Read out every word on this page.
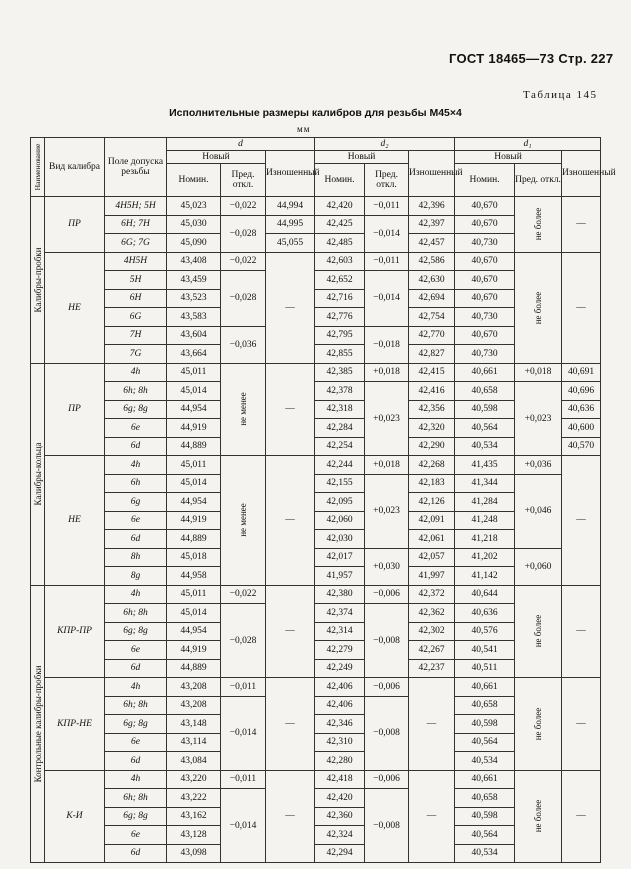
ГОСТ 18465—73 Стр. 227
Таблица 145
Исполнительные размеры калибров для резьбы М45×4
мм
Наименование	Вид калибра	Поле допуска резьбы	d			d₂			d₁		
			Новый		Изношенный	Новый		Изношенный	Новый		Изношенный
			Номин.	Пред. откл.		Номин.	Пред. откл.		Номин.	Пред. откл.	

Калибры-пробки	ПР	4H5H; 5H	45,023	−0,022	44,994	42,420	−0,011	42,396	40,670	не более	—
		6H; 7H	45,030	−0,028	44,995	42,425	−0,014	42,397	40,670		
		6G; 7G	45,090		45,055	42,485		42,457	40,730		
	НЕ	4H5H	43,408	−0,022	—	42,603	−0,011	42,586	40,670	не более	—
		5H	43,459	−0,028		42,652	−0,014	42,630	40,670		
		6H	43,523			42,716		42,694	40,670		
		6G	43,583			42,776		42,754	40,730		
		7H	43,604	−0,036		42,795	−0,018	42,770	40,670		
		7G	43,664			42,855		42,827	40,730		

Калибры-кольца	ПР	4h	45,011	не менее	—	42,385	+0,018	42,415	40,661	+0,018	40,691
		6h; 8h	45,014			42,378	+0,023	42,416	40,658	+0,023	40,696
		6g; 8g	44,954			42,318		42,356	40,598		40,636
		6e	44,919			42,284		42,320	40,564		40,600
		6d	44,889			42,254		42,290	40,534		40,570
	НЕ	4h	45,011	не менее	—	42,244	+0,018	42,268	41,435	+0,036	—
		6h	45,014			42,155	+0,023	42,183	41,344	+0,046	
		6g	44,954			42,095		42,126	41,284		
		6e	44,919			42,060		42,091	41,248		
		6d	44,889			42,030		42,061	41,218		
		8h	45,018			42,017	+0,030	42,057	41,202	+0,060	
		8g	44,958			41,957		41,997	41,142		

Контрольные калибры-пробки	КПР-ПР	4h	45,011	−0,022	—	42,380	−0,006	42,372	40,644	не более	—
		6h; 8h	45,014	−0,028		42,374	−0,008	42,362	40,636		
		6g; 8g	44,954			42,314		42,302	40,576		
		6e	44,919			42,279		42,267	40,541		
		6d	44,889			42,249		42,237	40,511		
	КПР-НЕ	4h	43,208	−0,011	—	42,406	−0,006	—	40,661	не более	—
		6h; 8h	43,208	−0,014		42,406	−0,008		40,658		
		6g; 8g	43,148			42,346			40,598		
		6e	43,114			42,310			40,564		
		6d	43,084			42,280			40,534		
	К-И	4h	43,220	−0,011	—	42,418	−0,006	—	40,661	не более	—
		6h; 8h	43,222	−0,014		42,420	−0,008		40,658		
		6g; 8g	43,162			42,360			40,598		
		6e	43,128			42,324			40,564		
		6d	43,098			42,294			40,534		
